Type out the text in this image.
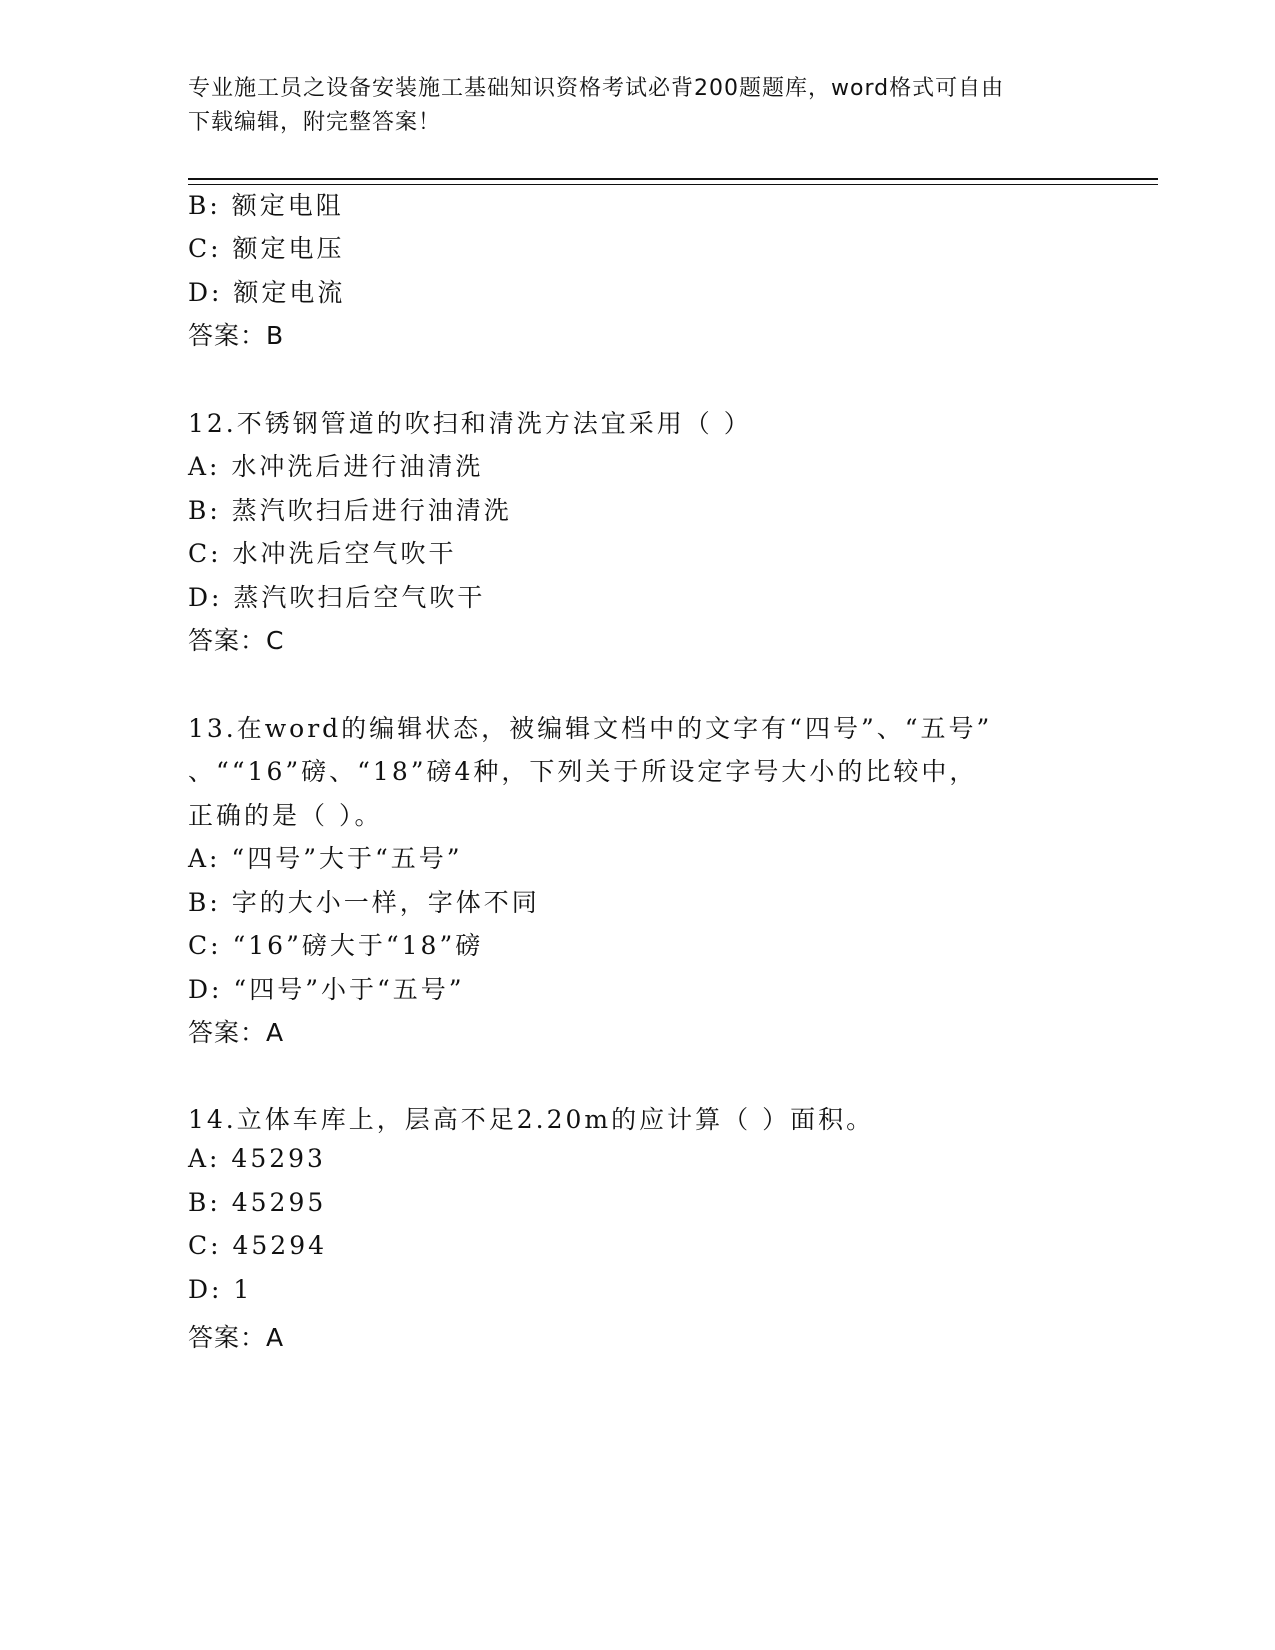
专业施工员之设备安装施工基础知识资格考试必背200题题库，word格式可自由
下载编辑，附完整答案！
B: 额定电阻
C: 额定电压
D: 额定电流
答案：B
12.不锈钢管道的吹扫和清洗方法宜采用（ ）
A: 水冲洗后进行油清洗
B: 蒸汽吹扫后进行油清洗
C: 水冲洗后空气吹干
D: 蒸汽吹扫后空气吹干
答案：C
13.在word的编辑状态，被编辑文档中的文字有“四号”、“五号”
、““16”磅、“18”磅4种，下列关于所设定字号大小的比较中，
正确的是（ ）。
A: “四号”大于“五号”
B: 字的大小一样，字体不同
C: “16”磅大于“18”磅
D: “四号”小于“五号”
答案：A
14.立体车库上，层高不足2.20m的应计算（ ）面积。
A: 45293
B: 45295
C: 45294
D: 1
答案：A
